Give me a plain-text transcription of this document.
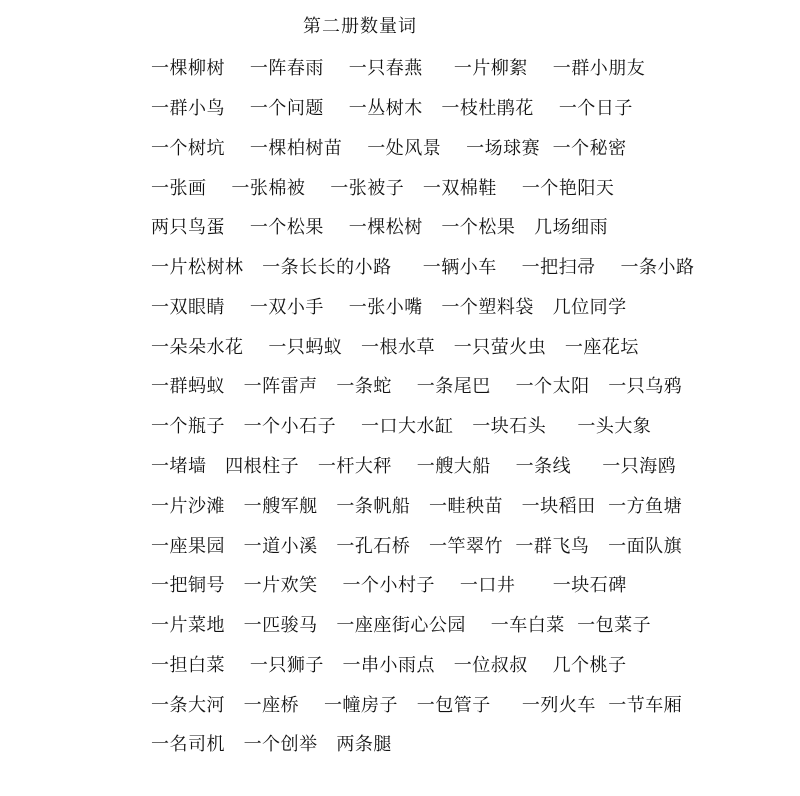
第二册数量词
一棵柳树    一阵春雨    一只春燕     一片柳絮    一群小朋友
一群小鸟    一个问题    一丛树木   一枝杜鹃花    一个日子
一个树坑    一棵柏树苗    一处风景    一场球赛  一个秘密
一张画    一张棉被    一张被子   一双棉鞋    一个艳阳天
两只鸟蛋    一个松果    一棵松树   一个松果   几场细雨
一片松树林   一条长长的小路     一辆小车    一把扫帚    一条小路
一双眼睛    一双小手    一张小嘴   一个塑料袋   几位同学
一朵朵水花    一只蚂蚁   一根水草   一只萤火虫   一座花坛
一群蚂蚁   一阵雷声   一条蛇    一条尾巴    一个太阳   一只乌鸦
一个瓶子   一个小石子    一口大水缸   一块石头     一头大象
一堵墙   四根柱子   一杆大秤    一艘大船    一条线     一只海鸥
一片沙滩   一艘军舰   一条帆船   一畦秧苗   一块稻田  一方鱼塘
一座果园   一道小溪   一孔石桥   一竿翠竹  一群飞鸟   一面队旗
一把铜号   一片欢笑    一个小村子    一口井      一块石碑
一片菜地   一匹骏马   一座座街心公园    一车白菜  一包菜子
一担白菜    一只狮子   一串小雨点   一位叔叔    几个桃子
一条大河   一座桥    一幢房子   一包管子     一列火车  一节车厢
一名司机   一个创举   两条腿
